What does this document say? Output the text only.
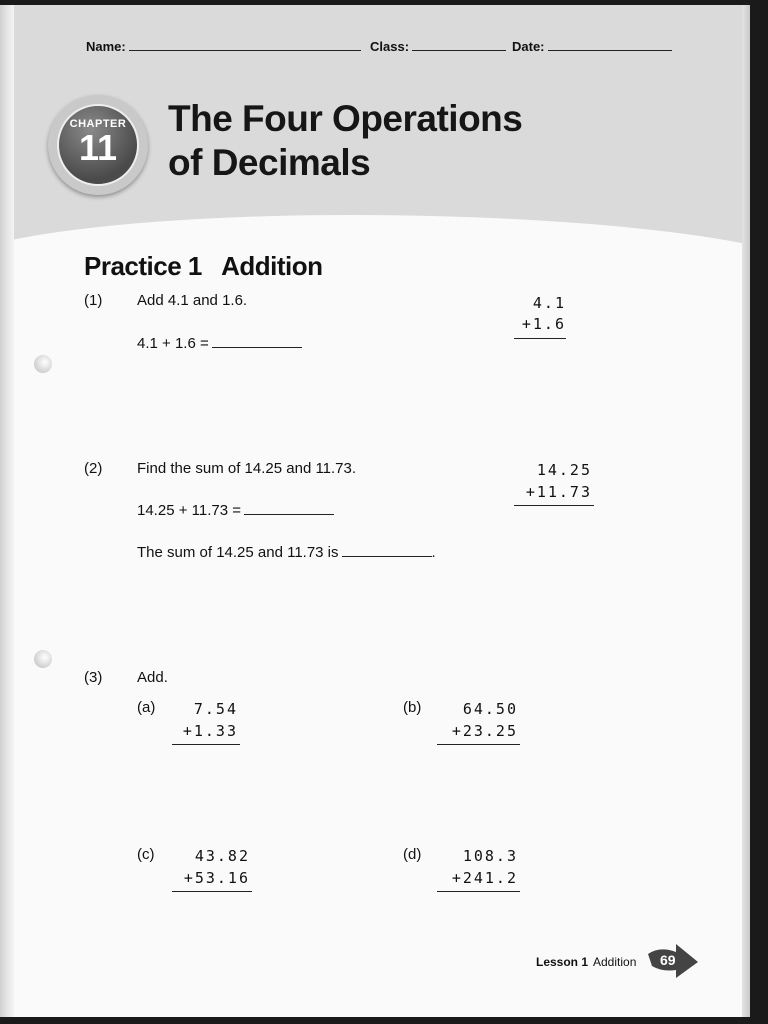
Name:	Class:	Date:
CHAPTER
11
The Four Operations
of Decimals
Practice 1   Addition
(1) Add 4.1 and 1.6.
4.1 + 1.6 =
4.1
+1.6
(2) Find the sum of 14.25 and 11.73.
14.25 + 11.73 =
The sum of 14.25 and 11.73 is	.
14.25
+11.73
(3) Add.
(a)	7.54
+1.33
(b)	64.50
+23.25
(c)	43.82
+53.16
(d)	108.3
+241.2
Lesson 1 Addition 69
